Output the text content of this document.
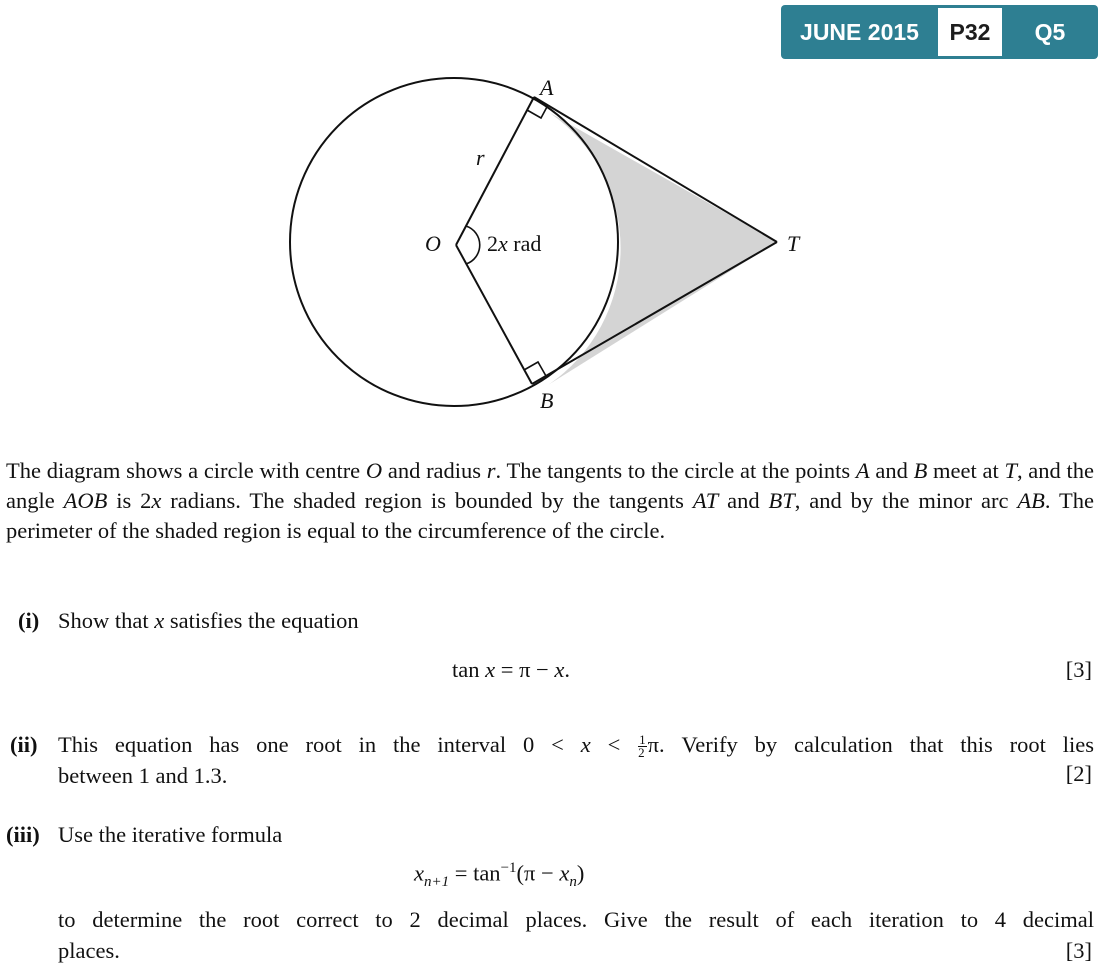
JUNE 2015	P32	Q5
A
B
O	T
r
2x rad
The diagram shows a circle with centre O and radius r. The tangents to the circle at the points A and B meet at T, and the angle AOB is 2x radians. The shaded region is bounded by the tangents AT and BT, and by the minor arc AB. The perimeter of the shaded region is equal to the circumference of the circle.
(i) Show that x satisfies the equation
tan x = π − x.	[3]
(ii) This equation has one root in the interval $0 < x < \frac{1}{2} \pi$. Verify by calculation that this root lies
between 1 and 1.3.	[2]
(iii) Use the iterative formula
$x_{n+1} = \tan^{-1}(\pi - x_n)$
to determine the root correct to 2 decimal places. Give the result of each iteration to 4 decimal
places.	[3]
